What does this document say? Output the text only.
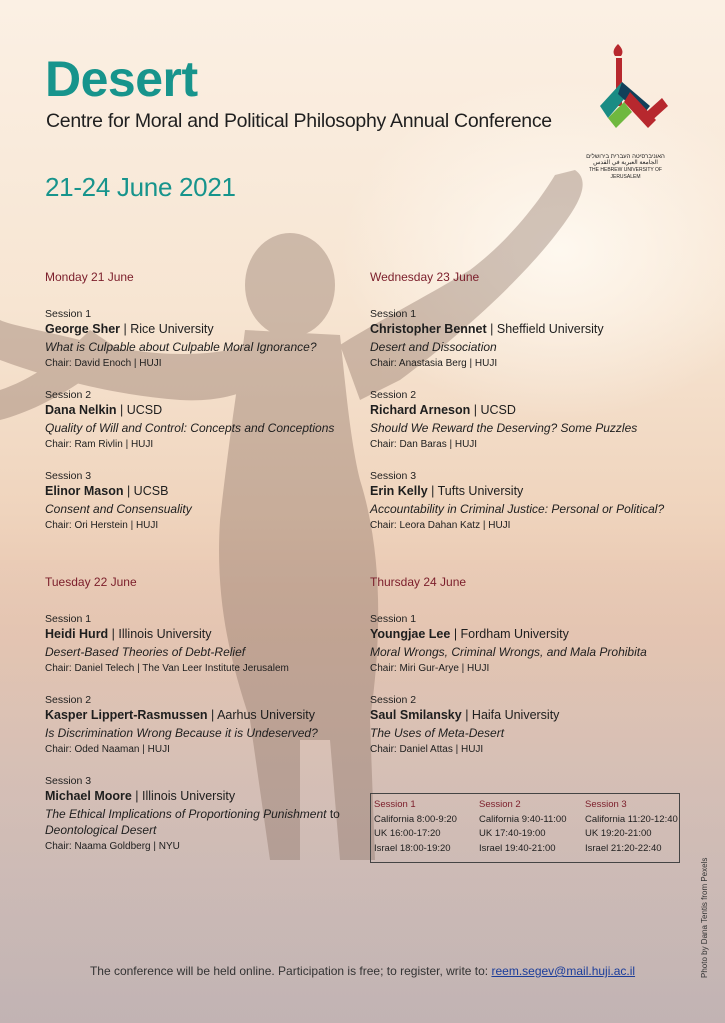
Desert
Centre for Moral and Political Philosophy Annual Conference
21-24 June 2021
האוניברסיטה העברית בירושלים
الجامعة العبرية في القدس
THE HEBREW UNIVERSITY OF JERUSALEM
Monday 21 June
Session 1
George Sher | Rice University
What is Culpable about Culpable Moral Ignorance?
Chair: David Enoch | HUJI
Session 2
Dana Nelkin | UCSD
Quality of Will and Control: Concepts and Conceptions
Chair: Ram Rivlin | HUJI
Session 3
Elinor Mason | UCSB
Consent and Consensuality
Chair: Ori Herstein | HUJI
Tuesday 22 June
Session 1
Heidi Hurd | Illinois University
Desert-Based Theories of Debt-Relief
Chair: Daniel Telech | The Van Leer Institute Jerusalem
Session 2
Kasper Lippert-Rasmussen | Aarhus University
Is Discrimination Wrong Because it is Undeserved?
Chair: Oded Naaman | HUJI
Session 3
Michael Moore | Illinois University
The Ethical Implications of Proportioning Punishment to
Deontological Desert
Chair: Naama Goldberg | NYU
Wednesday 23 June
Session 1
Christopher Bennet | Sheffield University
Desert and Dissociation
Chair: Anastasia Berg | HUJI
Session 2
Richard Arneson | UCSD
Should We Reward the Deserving? Some Puzzles
Chair: Dan Baras | HUJI
Session 3
Erin Kelly | Tufts University
Accountability in Criminal Justice: Personal or Political?
Chair: Leora Dahan Katz | HUJI
Thursday 24 June
Session 1
Youngjae Lee | Fordham University
Moral Wrongs, Criminal Wrongs, and Mala Prohibita
Chair: Miri Gur-Arye | HUJI
Session 2
Saul Smilansky | Haifa University
The Uses of Meta-Desert
Chair: Daniel Attas | HUJI
Session 1
California 8:00-9:20
UK 16:00-17:20
Israel 18:00-19:20
Session 2
California 9:40-11:00
UK 17:40-19:00
Israel 19:40-21:00
Session 3
California 11:20-12:40
UK 19:20-21:00
Israel 21:20-22:40
The conference will be held online. Participation is free; to register, write to: reem.segev@mail.huji.ac.il	Photo by Dana Tentis from Pexels
